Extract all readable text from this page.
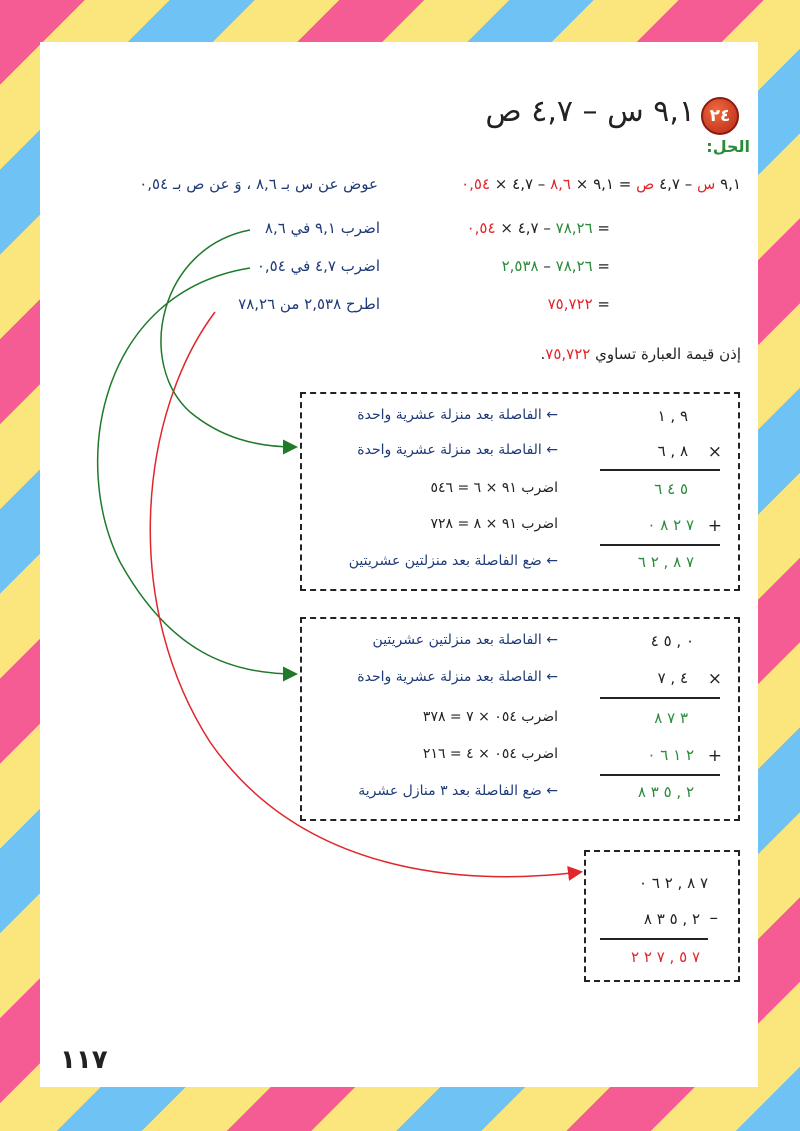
٢٤
٩,١ س – ٤,٧ ص
الحل:
٩,١ س – ٤,٧ ص = ٩,١ × ٨,٦ – ٤,٧ × ٠,٥٤
عوض عن س بـ ٨,٦ ، وَ عن ص بـ ٠,٥٤
= ٧٨,٢٦ – ٤,٧ × ٠,٥٤
اضرب ٩,١ في ٨,٦
= ٧٨,٢٦ – ٢,٥٣٨
اضرب ٤,٧ في ٠,٥٤
= ٧٥,٧٢٢
اطرح ٢,٥٣٨ من ٧٨,٢٦
إذن قيمة العبارة تساوي ٧٥,٧٢٢.
٩ , ١
← الفاصلة بعد منزلة عشرية واحدة
×
٨ , ٦
← الفاصلة بعد منزلة عشرية واحدة
٥ ٤ ٦
اضرب ٩١ × ٦ = ٥٤٦
+
٧ ٢ ٨ ٠
اضرب ٩١ × ٨ = ٧٢٨
٧ ٨ , ٢ ٦
← ضع الفاصلة بعد منزلتين عشريتين
٠ , ٥ ٤
← الفاصلة بعد منزلتين عشريتين
×
٤ , ٧
← الفاصلة بعد منزلة عشرية واحدة
٣ ٧ ٨
اضرب ٠٥٤ × ٧ = ٣٧٨
+
٢ ١ ٦ ٠
اضرب ٠٥٤ × ٤ = ٢١٦
٢ , ٥ ٣ ٨
← ضع الفاصلة بعد ٣ منازل عشرية
٧ ٨ , ٢ ٦ ٠
–
٢ , ٥ ٣ ٨
٧ ٥ , ٧ ٢ ٢
١١٧
